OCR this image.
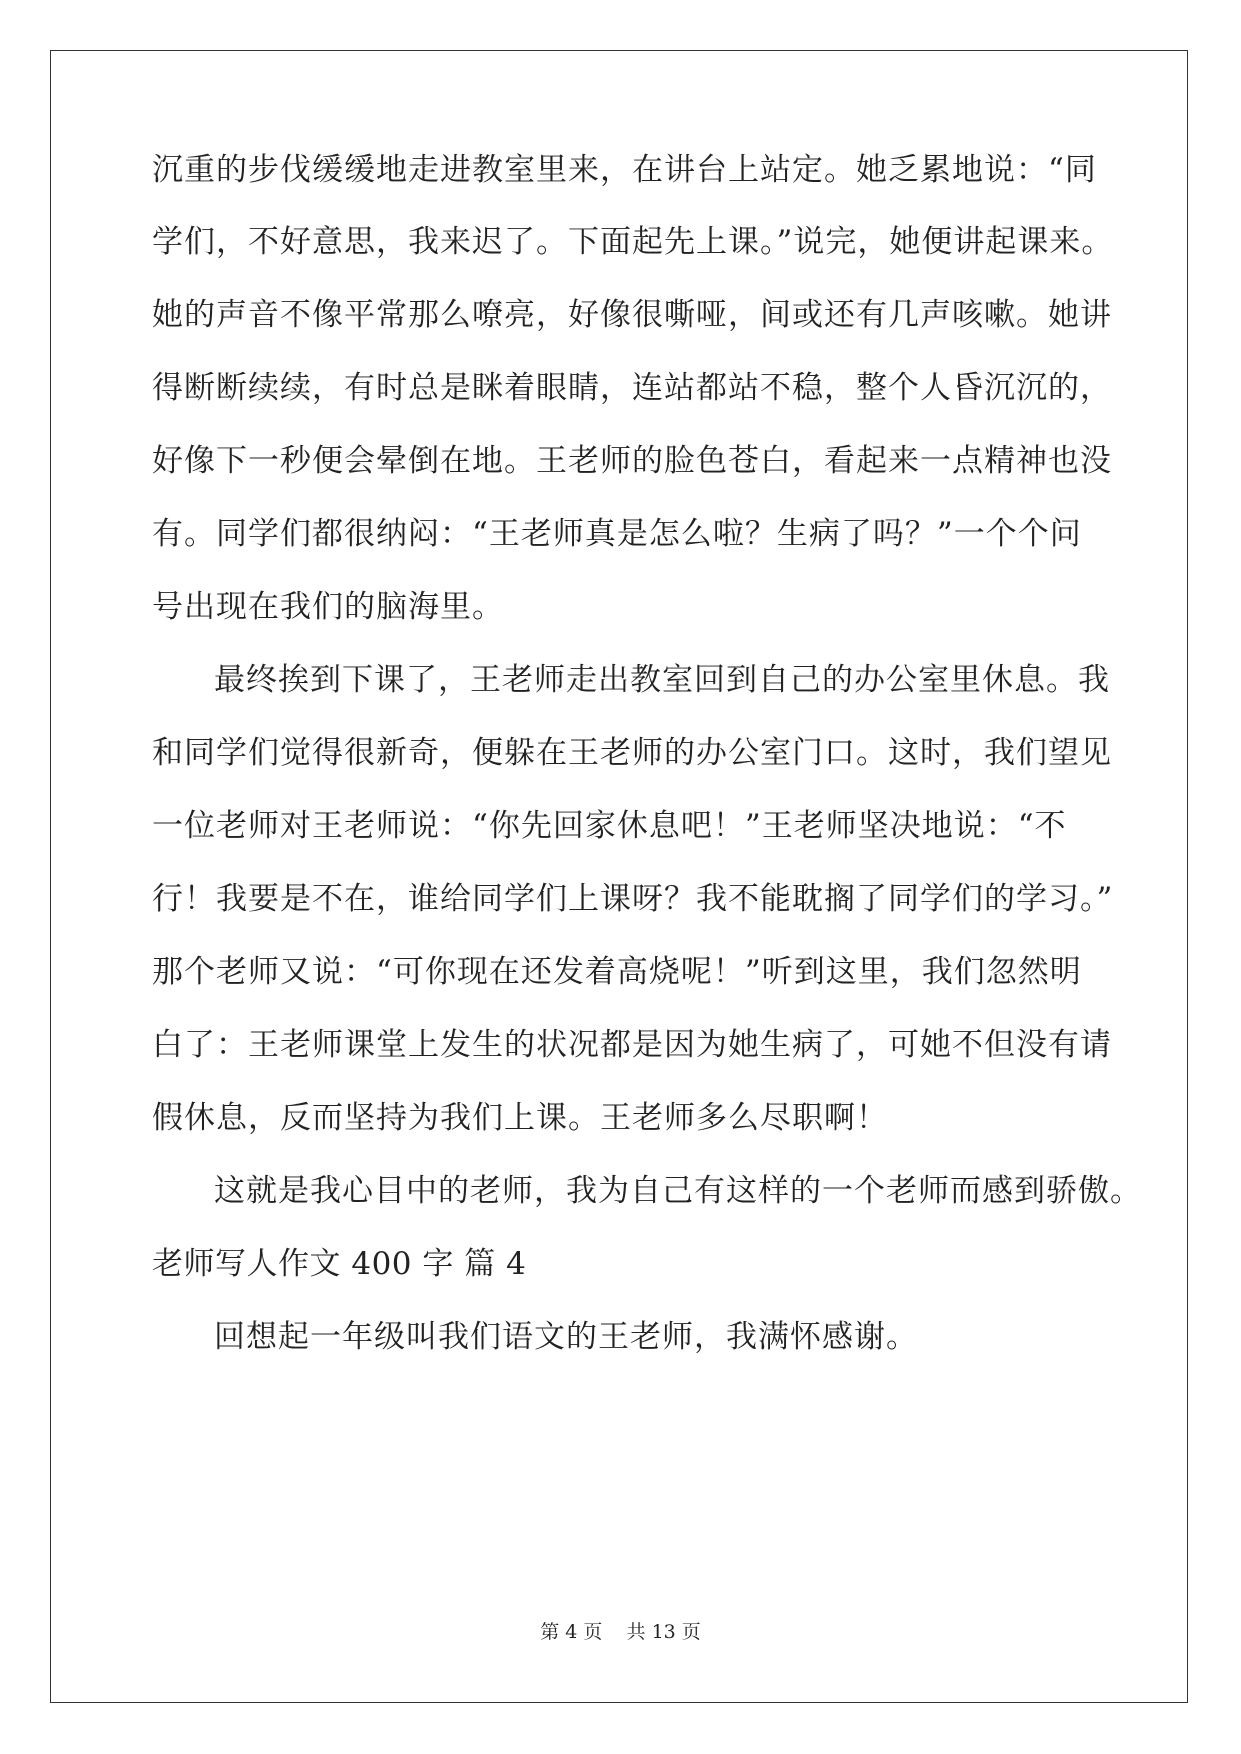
沉重的步伐缓缓地走进教室里来，在讲台上站定。她乏累地说：“同
学们，不好意思，我来迟了。下面起先上课。”说完，她便讲起课来。
她的声音不像平常那么嘹亮，好像很嘶哑，间或还有几声咳嗽。她讲
得断断续续，有时总是眯着眼睛，连站都站不稳，整个人昏沉沉的，
好像下一秒便会晕倒在地。王老师的脸色苍白，看起来一点精神也没
有。同学们都很纳闷：“王老师真是怎么啦？生病了吗？”一个个问
号出现在我们的脑海里。
最终挨到下课了，王老师走出教室回到自己的办公室里休息。我
和同学们觉得很新奇，便躲在王老师的办公室门口。这时，我们望见
一位老师对王老师说：“你先回家休息吧！”王老师坚决地说：“不
行！我要是不在，谁给同学们上课呀？我不能耽搁了同学们的学习。”
那个老师又说：“可你现在还发着高烧呢！”听到这里，我们忽然明
白了：王老师课堂上发生的状况都是因为她生病了，可她不但没有请
假休息，反而坚持为我们上课。王老师多么尽职啊！
这就是我心目中的老师，我为自己有这样的一个老师而感到骄傲。
老师写人作文 400 字 篇 4
回想起一年级叫我们语文的王老师，我满怀感谢。
第 4 页    共 13 页
